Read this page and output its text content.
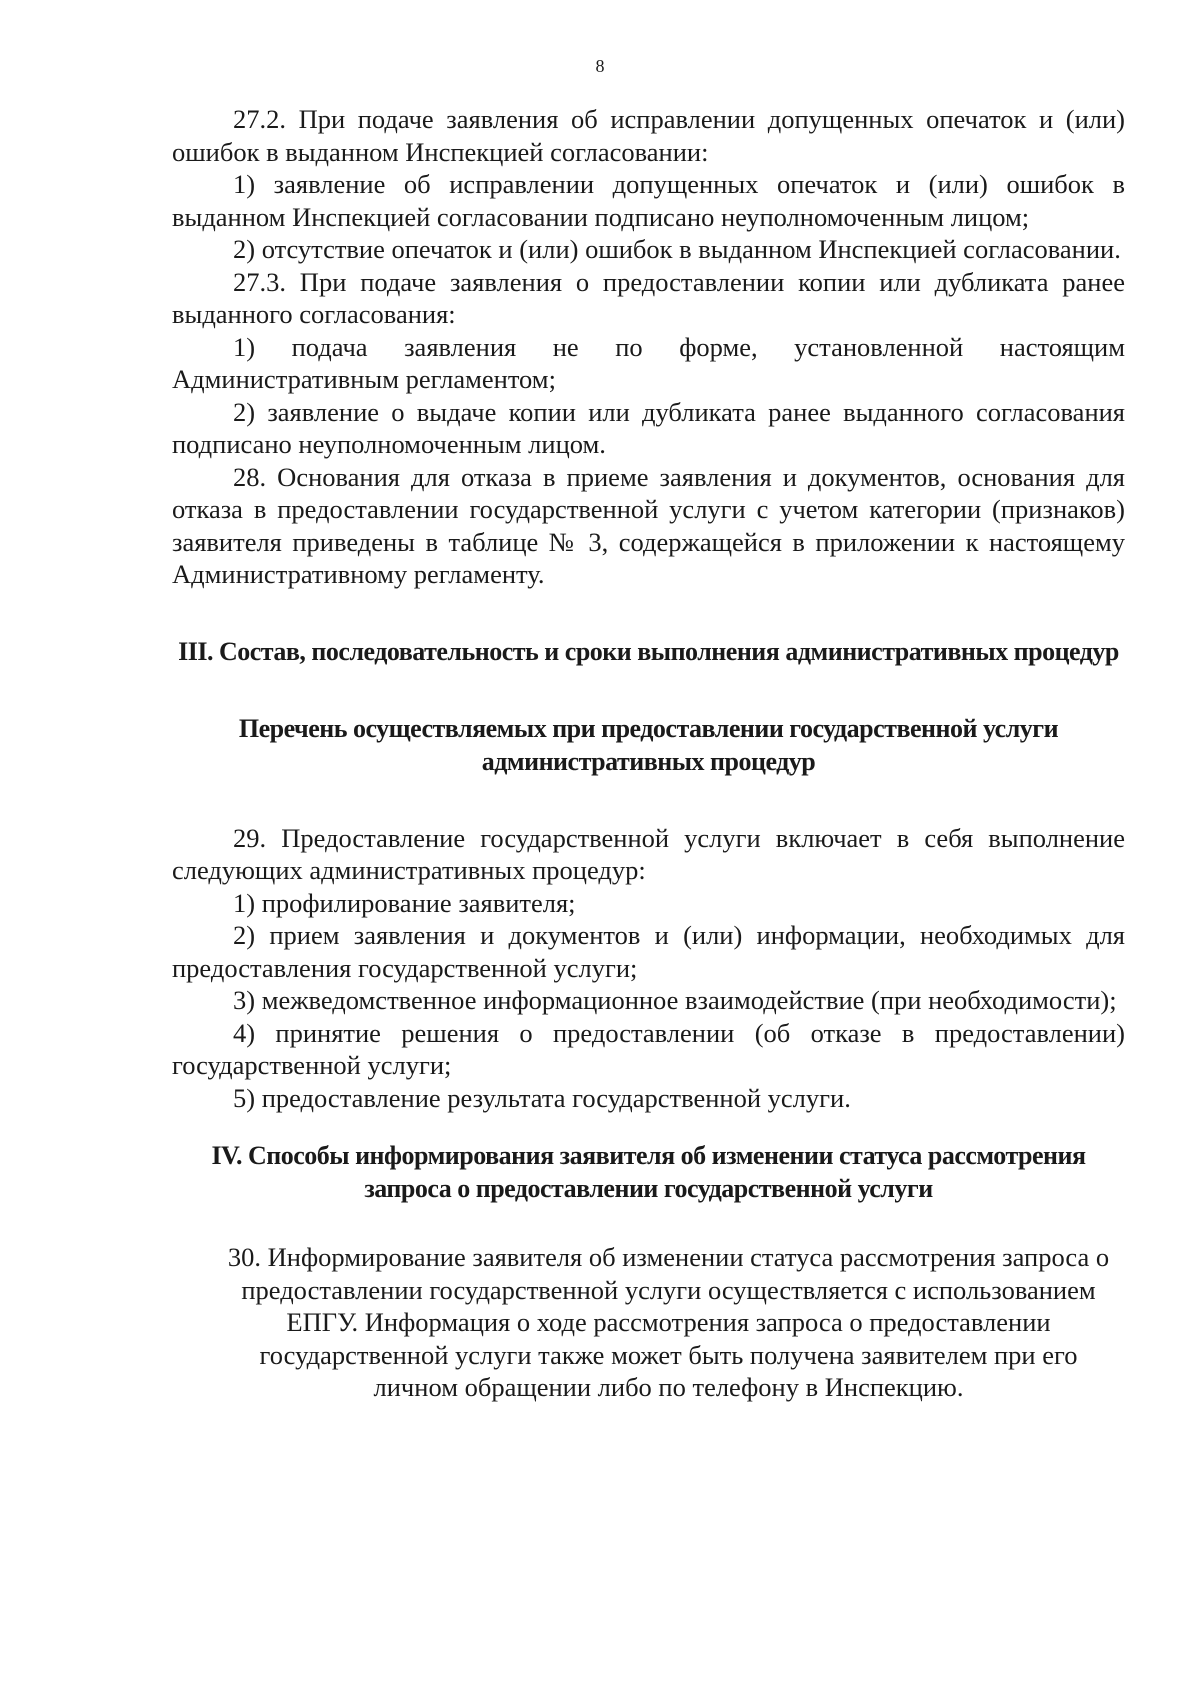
8

27.2. При подаче заявления об исправлении допущенных опечаток и (или) ошибок в выданном Инспекцией согласовании:

1) заявление об исправлении допущенных опечаток и (или) ошибок в выданном Инспекцией согласовании подписано неуполномоченным лицом;

2) отсутствие опечаток и (или) ошибок в выданном Инспекцией согласовании.

27.3. При подаче заявления о предоставлении копии или дубликата ранее выданного согласования:

1) подача заявления не по форме, установленной настоящим Административным регламентом;

2) заявление о выдаче копии или дубликата ранее выданного согласования подписано неуполномоченным лицом.

28. Основания для отказа в приеме заявления и документов, основания для отказа в предоставлении государственной услуги с учетом категории (признаков) заявителя приведены в таблице № 3, содержащейся в приложении к настоящему Административному регламенту.

III. Состав, последовательность и сроки выполнения административных процедур

Перечень осуществляемых при предоставлении государственной услуги административных процедур

29. Предоставление государственной услуги включает в себя выполнение следующих административных процедур:

1) профилирование заявителя;

2) прием заявления и документов и (или) информации, необходимых для предоставления государственной услуги;

3) межведомственное информационное взаимодействие (при необходимости);

4) принятие решения о предоставлении (об отказе в предоставлении) государственной услуги;

5) предоставление результата государственной услуги.

IV. Способы информирования заявителя об изменении статуса рассмотрения запроса о предоставлении государственной услуги

30. Информирование заявителя об изменении статуса рассмотрения запроса о предоставлении государственной услуги осуществляется с использованием ЕПГУ. Информация о ходе рассмотрения запроса о предоставлении государственной услуги также может быть получена заявителем при его личном обращении либо по телефону в Инспекцию.
